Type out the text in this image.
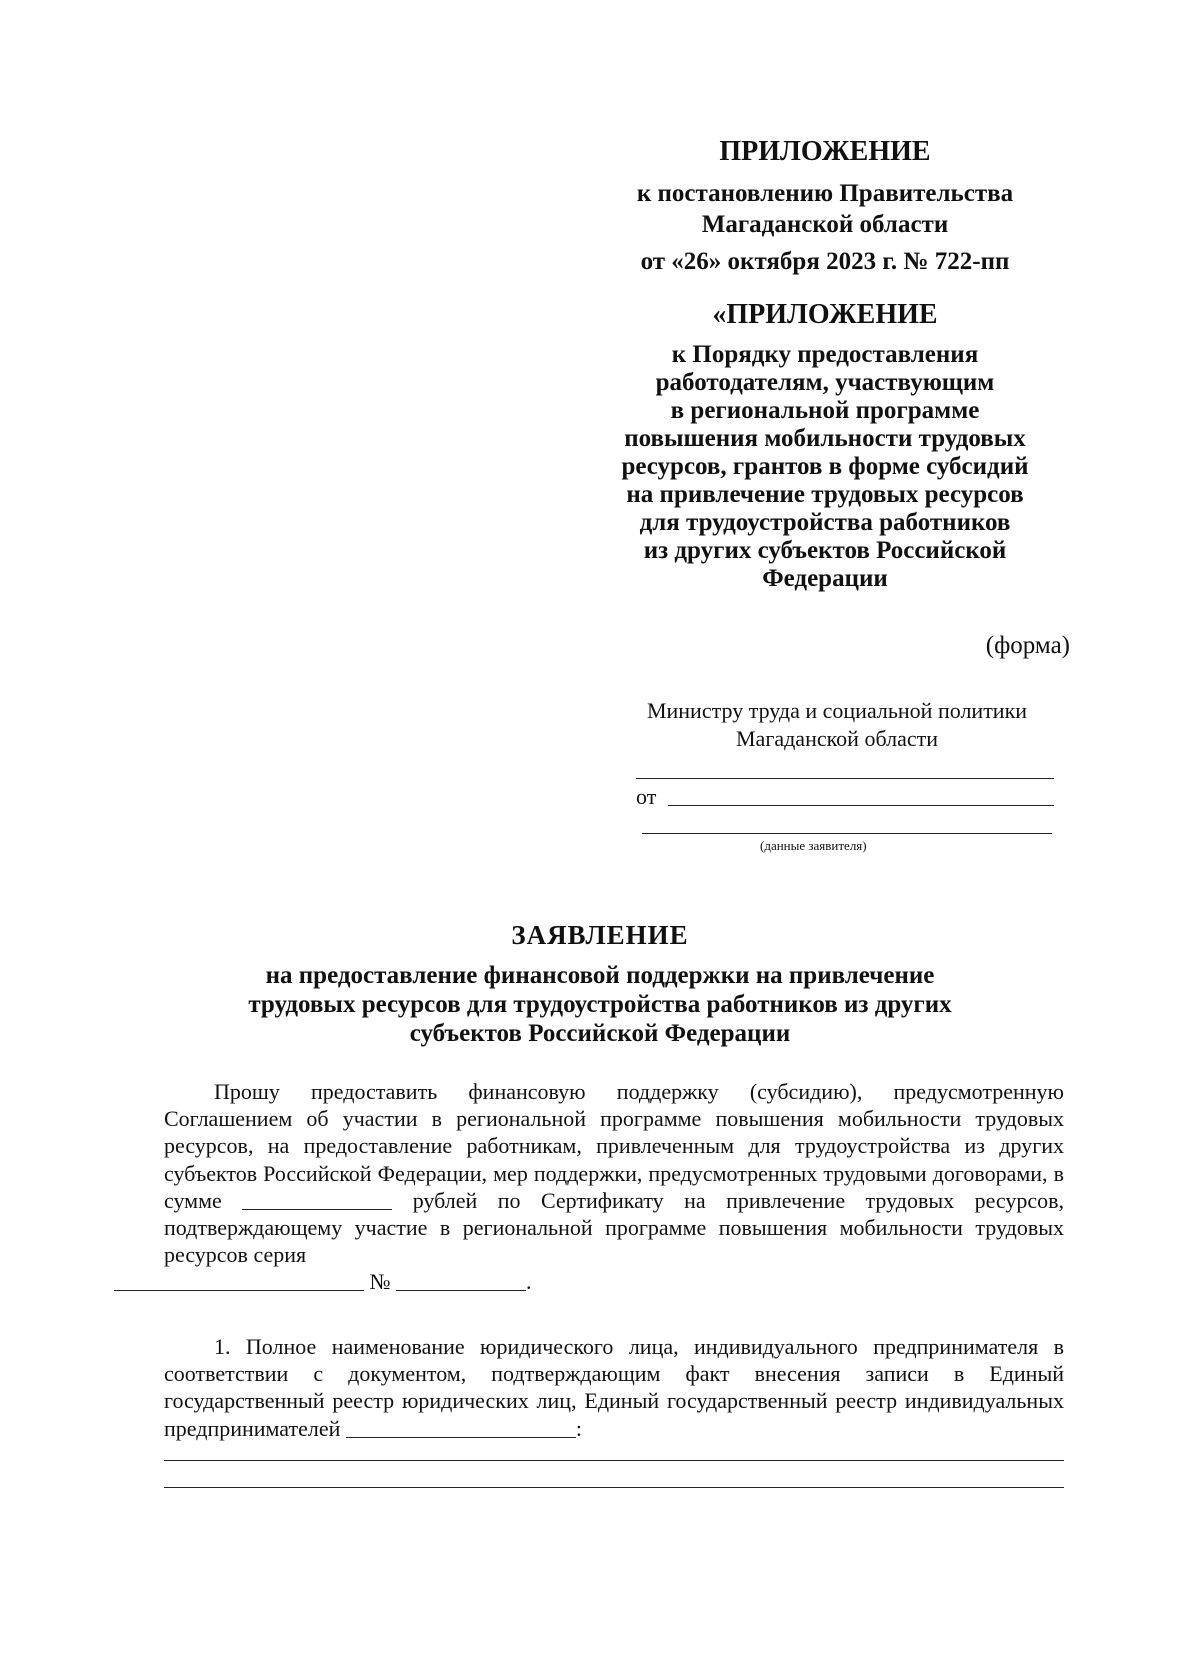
ПРИЛОЖЕНИЕ
к постановлению Правительства
Магаданской области
от «26» октября 2023 г. № 722-пп
«ПРИЛОЖЕНИЕ
к Порядку предоставления
работодателям, участвующим
в региональной программе
повышения мобильности трудовых
ресурсов, грантов в форме субсидий
на привлечение трудовых ресурсов
для трудоустройства работников
из других субъектов Российской
Федерации
(форма)
Министру труда и социальной политики
Магаданской области
от
(данные заявителя)
ЗАЯВЛЕНИЕ
на предоставление финансовой поддержки на привлечение
трудовых ресурсов для трудоустройства работников из других
субъектов Российской Федерации
Прошу предоставить финансовую поддержку (субсидию), предусмотренную Соглашением об участии в региональной программе повышения мобильности трудовых ресурсов, на предоставление работникам, привлеченным для трудоустройства из других субъектов Российской Федерации, мер поддержки, предусмотренных трудовыми договорами, в сумме	рублей по Сертификату на привлечение трудовых ресурсов, подтверждающему участие в региональной программе повышения мобильности трудовых ресурсов серия
№	.
1. Полное наименование юридического лица, индивидуального предпринимателя в соответствии с документом, подтверждающим факт внесения записи в Единый государственный реестр юридических лиц, Единый государственный реестр индивидуальных предпринимателей	:
